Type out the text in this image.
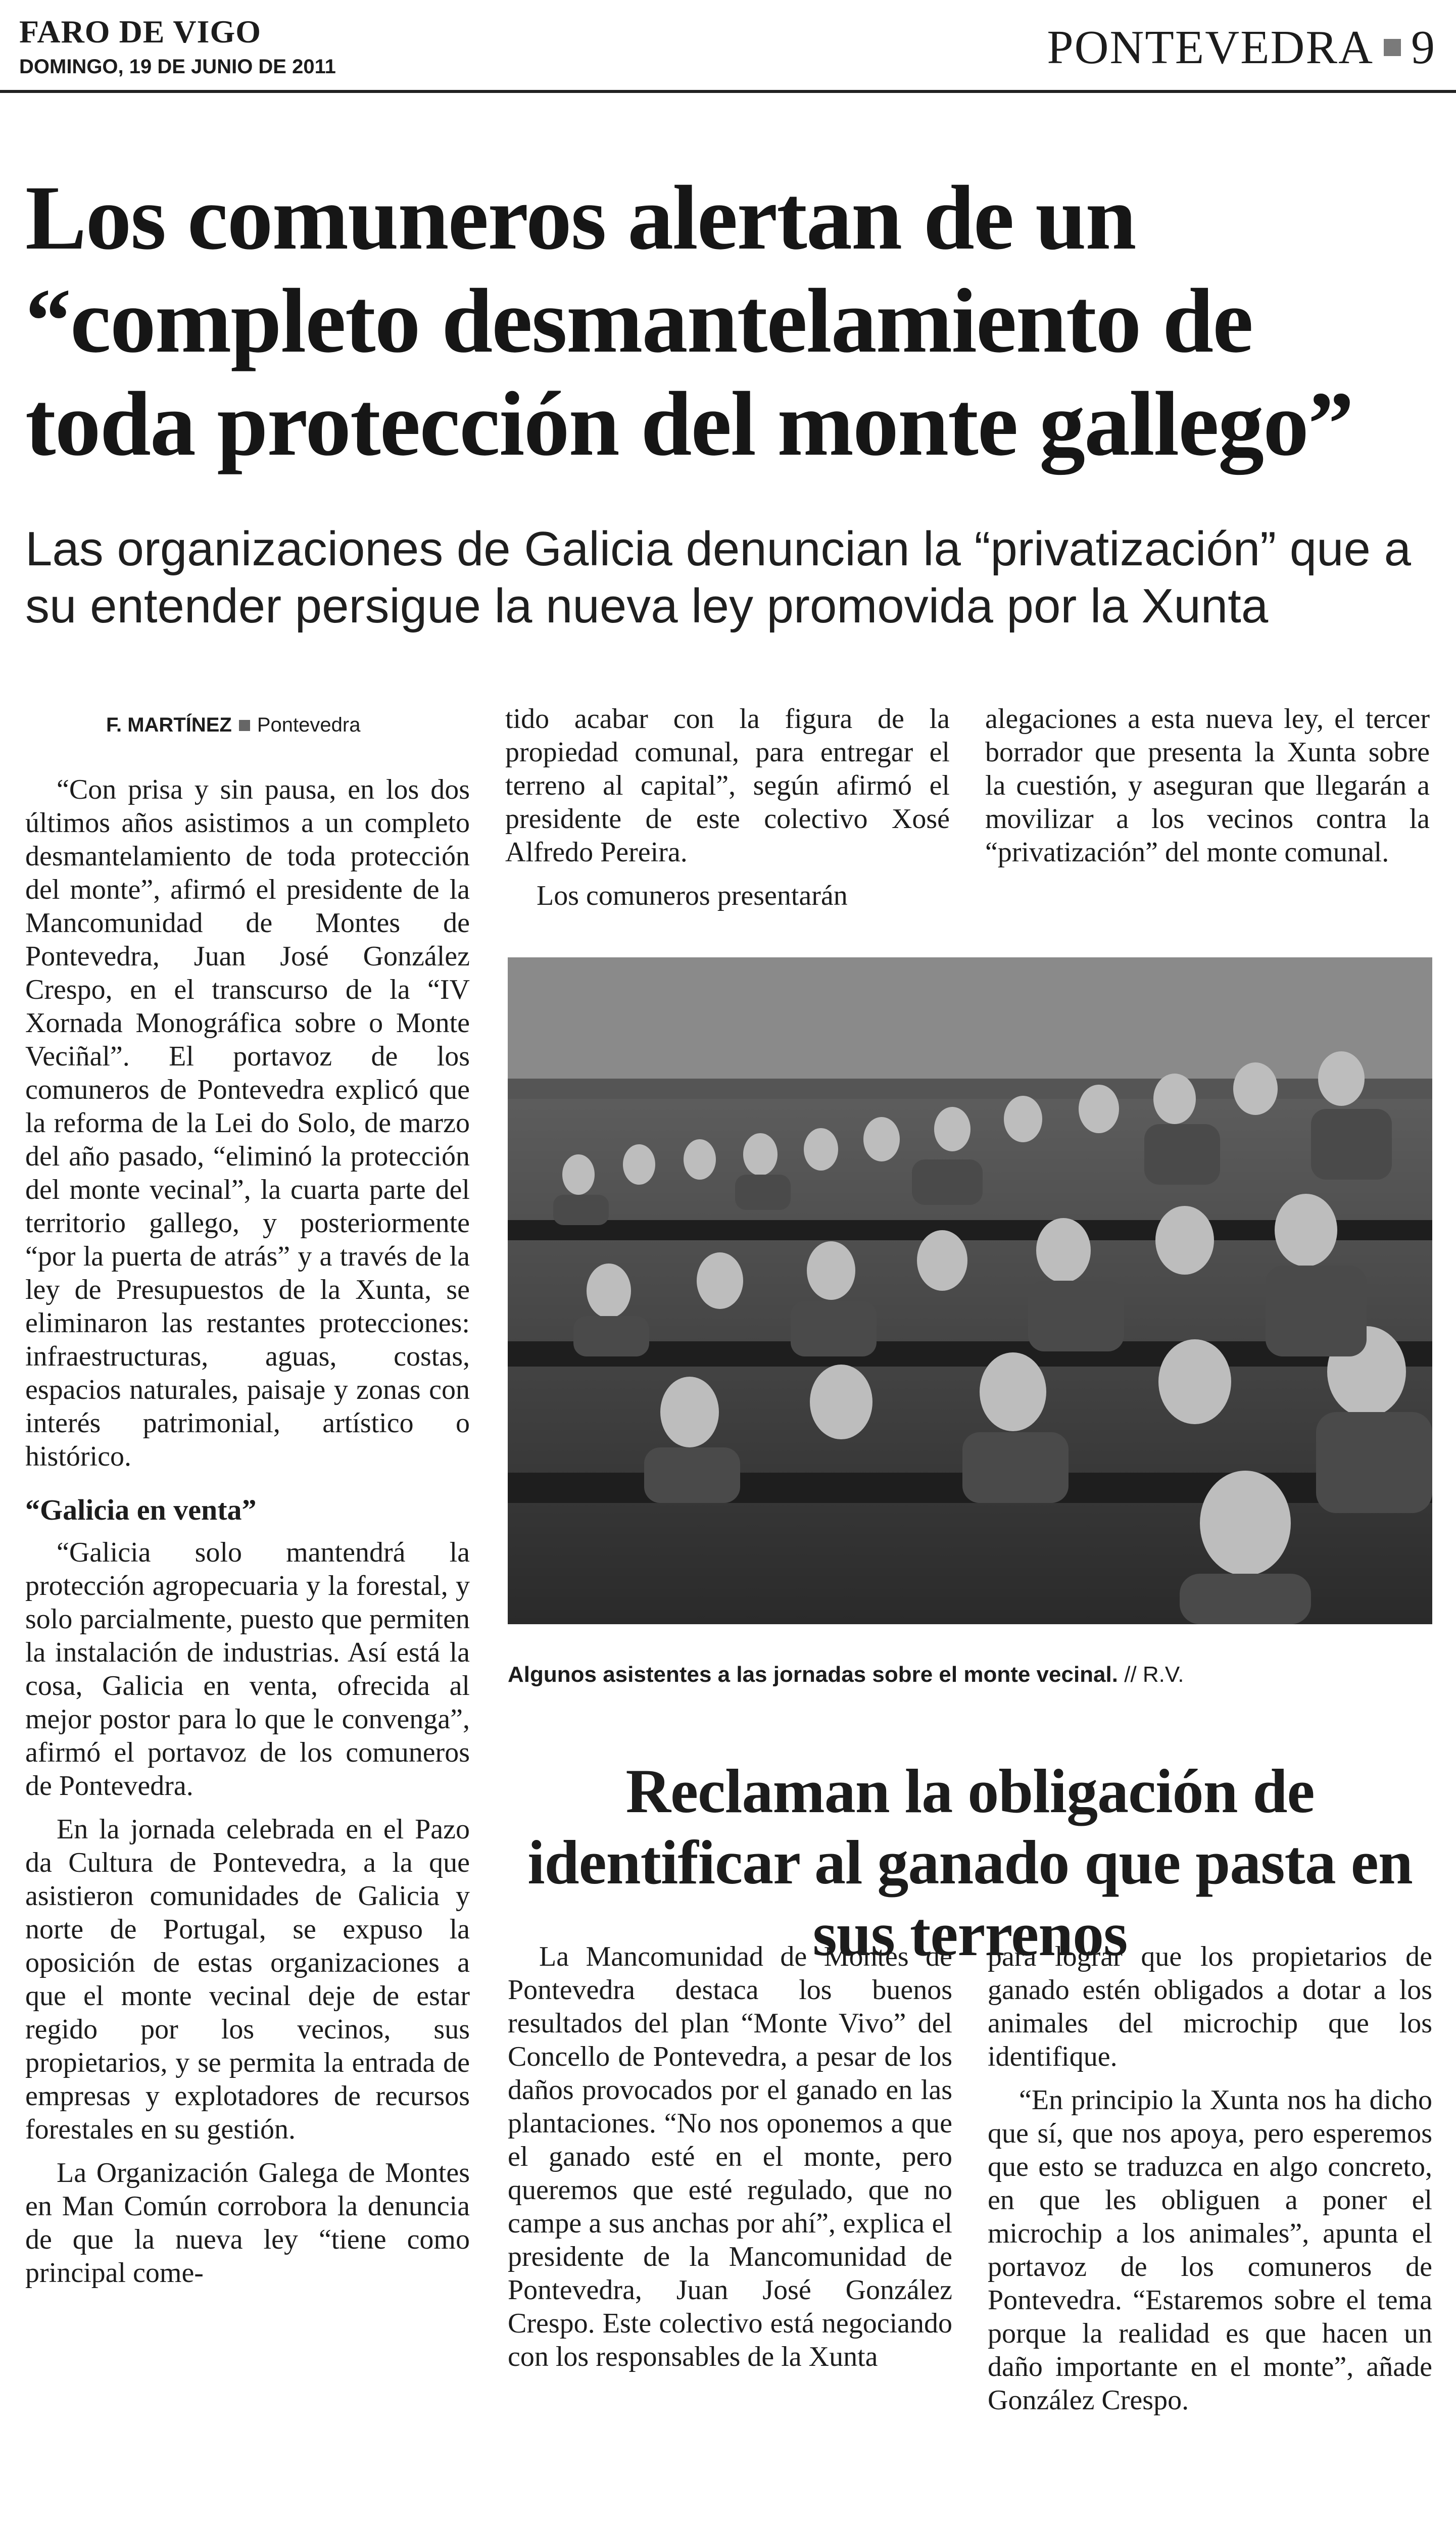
FARO DE VIGO
DOMINGO, 19 DE JUNIO DE 2011	PONTEVEDRA 9
Los comuneros alertan de un “completo desmantelamiento de toda protección del monte gallego”
Las organizaciones de Galicia denuncian la “privatización” que a su entender persigue la nueva ley promovida por la Xunta
F. MARTÍNEZ Pontevedra

“Con prisa y sin pausa, en los dos últimos años asistimos a un completo desmantelamiento de toda protección del monte”, afirmó el presidente de la Mancomunidad de Montes de Pontevedra, Juan José González Crespo, en el transcurso de la “IV Xornada Monográfica sobre o Monte Veciñal”. El portavoz de los comuneros de Pontevedra explicó que la reforma de la Lei do Solo, de marzo del año pasado, “eliminó la protección del monte vecinal”, la cuarta parte del territorio gallego, y posteriormente “por la puerta de atrás” y a través de la ley de Presupuestos de la Xunta, se eliminaron las restantes protecciones: infraestructuras, aguas, costas, espacios naturales, paisaje y zonas con interés patrimonial, artístico o histórico.

“Galicia en venta”

“Galicia solo mantendrá la protección agropecuaria y la forestal, y solo parcialmente, puesto que permiten la instalación de industrias. Así está la cosa, Galicia en venta, ofrecida al mejor postor para lo que le convenga”, afirmó el portavoz de los comuneros de Pontevedra.

En la jornada celebrada en el Pazo da Cultura de Pontevedra, a la que asistieron comunidades de Galicia y norte de Portugal, se expuso la oposición de estas organizaciones a que el monte vecinal deje de estar regido por los vecinos, sus propietarios, y se permita la entrada de empresas y explotadores de recursos forestales en su gestión.

La Organización Galega de Montes en Man Común corrobora la denuncia de que la nueva ley “tiene como principal come-

tido acabar con la figura de la propiedad comunal, para entregar el terreno al capital”, según afirmó el presidente de este colectivo Xosé Alfredo Pereira.

Los comuneros presentarán

alegaciones a esta nueva ley, el tercer borrador que presenta la Xunta sobre la cuestión, y aseguran que llegarán a movilizar a los vecinos contra la “privatización” del monte comunal.

Algunos asistentes a las jornadas sobre el monte vecinal. // R.V.
Reclaman la obligación de identificar al ganado que pasta en sus terrenos

La Mancomunidad de Montes de Pontevedra destaca los buenos resultados del plan “Monte Vivo” del Concello de Pontevedra, a pesar de los daños provocados por el ganado en las plantaciones. “No nos oponemos a que el ganado esté en el monte, pero queremos que esté regulado, que no campe a sus anchas por ahí”, explica el presidente de la Mancomunidad de Pontevedra, Juan José González Crespo. Este colectivo está negociando con los responsables de la Xunta

para lograr que los propietarios de ganado estén obligados a dotar a los animales del microchip que los identifique.

“En principio la Xunta nos ha dicho que sí, que nos apoya, pero esperemos que esto se traduzca en algo concreto, en que les obliguen a poner el microchip a los animales”, apunta el portavoz de los comuneros de Pontevedra. “Estaremos sobre el tema porque la realidad es que hacen un daño importante en el monte”, añade González Crespo.
